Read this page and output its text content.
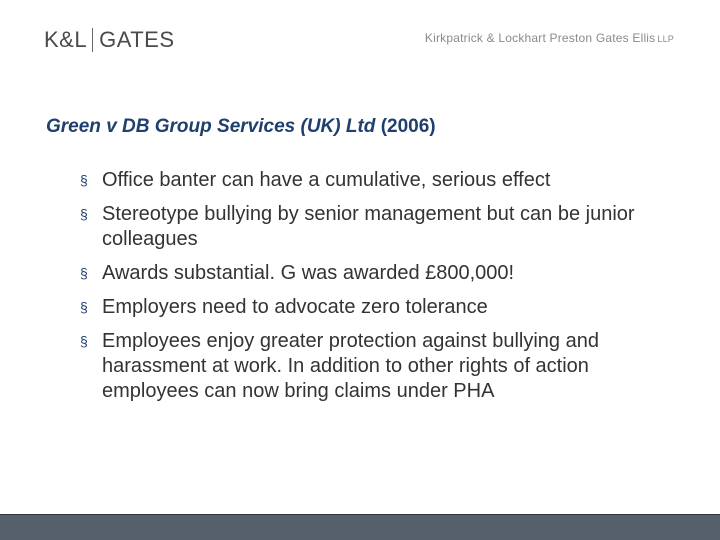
K&L GATES	Kirkpatrick & Lockhart Preston Gates Ellis LLP
Green v DB Group Services (UK) Ltd (2006)
§ Office banter can have a cumulative, serious effect
§ Stereotype bullying by senior management but can be junior colleagues
§ Awards substantial. G was awarded £800,000!
§ Employers need to advocate zero tolerance
§ Employees enjoy greater protection against bullying and harassment at work. In addition to other rights of action employees can now bring claims under PHA
